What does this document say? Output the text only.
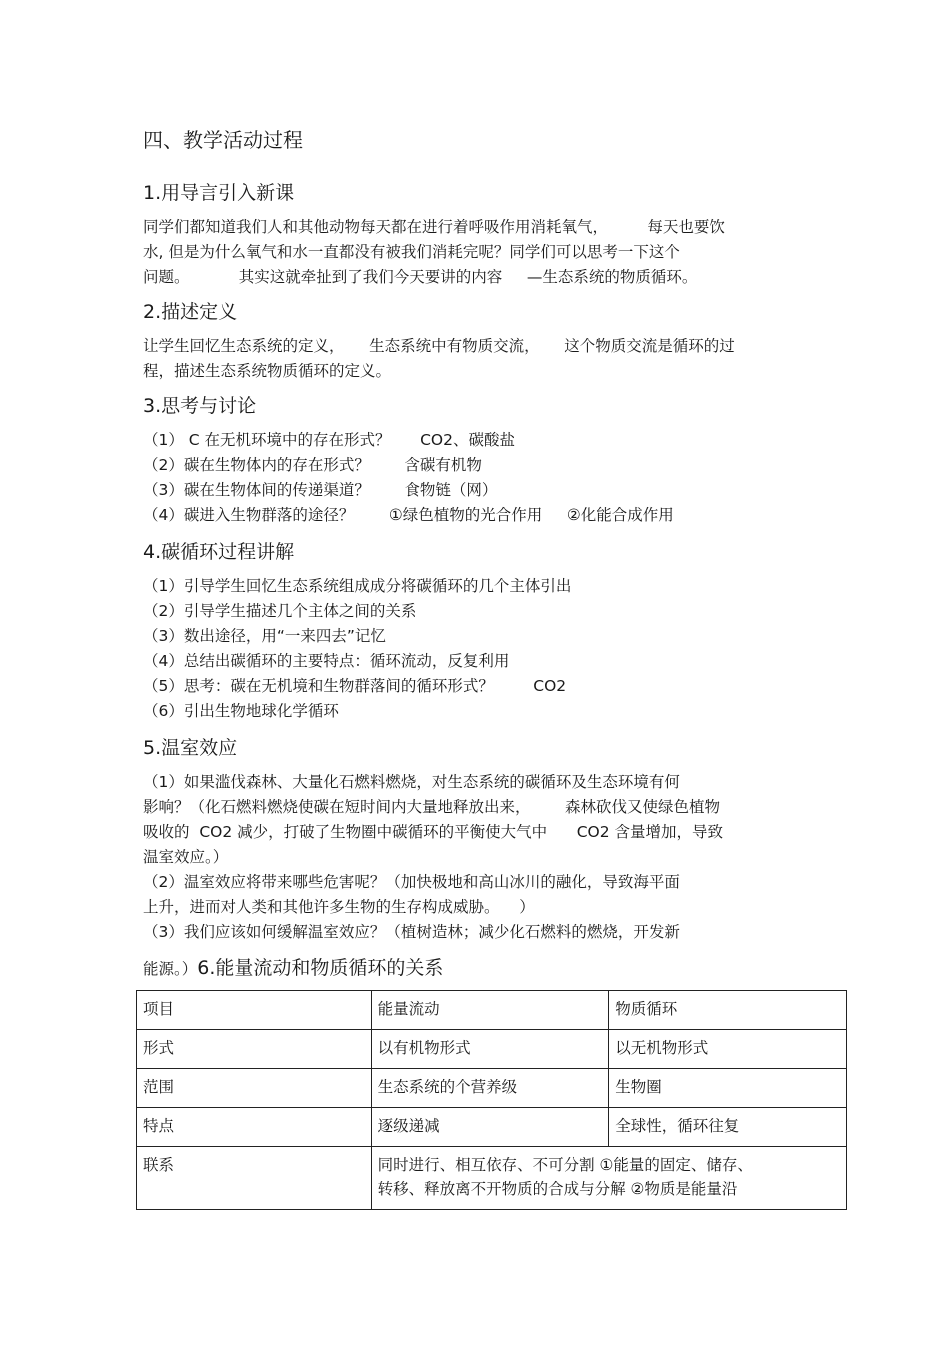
四、教学活动过程
1.用导言引入新课
同学们都知道我们人和其他动物每天都在进行着呼吸作用消耗氧气，        每天也要饮
水, 但是为什么氧气和水一直都没有被我们消耗完呢？同学们可以思考一下这个
问题。          其实这就牵扯到了我们今天要讲的内容     —生态系统的物质循环。
2.描述定义
让学生回忆生态系统的定义，     生态系统中有物质交流，     这个物质交流是循环的过
程，描述生态系统物质循环的定义。
3.思考与讨论
（1） C 在无机环境中的存在形式？      CO2、碳酸盐
（2）碳在生物体内的存在形式？       含碳有机物
（3）碳在生物体间的传递渠道？       食物链（网）
（4）碳进入生物群落的途径？       ①绿色植物的光合作用     ②化能合成作用
4.碳循环过程讲解
（1）引导学生回忆生态系统组成成分将碳循环的几个主体引出
（2）引导学生描述几个主体之间的关系
（3）数出途径，用“一来四去”记忆
（4）总结出碳循环的主要特点：循环流动，反复利用
（5）思考：碳在无机境和生物群落间的循环形式？        CO2
（6）引出生物地球化学循环
5.温室效应
（1）如果滥伐森林、大量化石燃料燃烧，对生态系统的碳循环及生态环境有何
影响？（化石燃料燃烧使碳在短时间内大量地释放出来，       森林砍伐又使绿色植物
吸收的  CO2 减少，打破了生物圈中碳循环的平衡使大气中      CO2 含量增加，导致
温室效应。）
（2）温室效应将带来哪些危害呢？（加快极地和高山冰川的融化，导致海平面
上升，进而对人类和其他许多生物的生存构成威胁。    ）
（3）我们应该如何缓解温室效应？（植树造林；减少化石燃料的燃烧，开发新
能源。）6.能量流动和物质循环的关系
项目	能量流动	物质循环
形式	以有机物形式	以无机物形式
范围	生态系统的个营养级	生物圈
特点	逐级递减	全球性，循环往复
联系	同时进行、相互依存、不可分割 ①能量的固定、储存、
转移、释放离不开物质的合成与分解 ②物质是能量沿	
